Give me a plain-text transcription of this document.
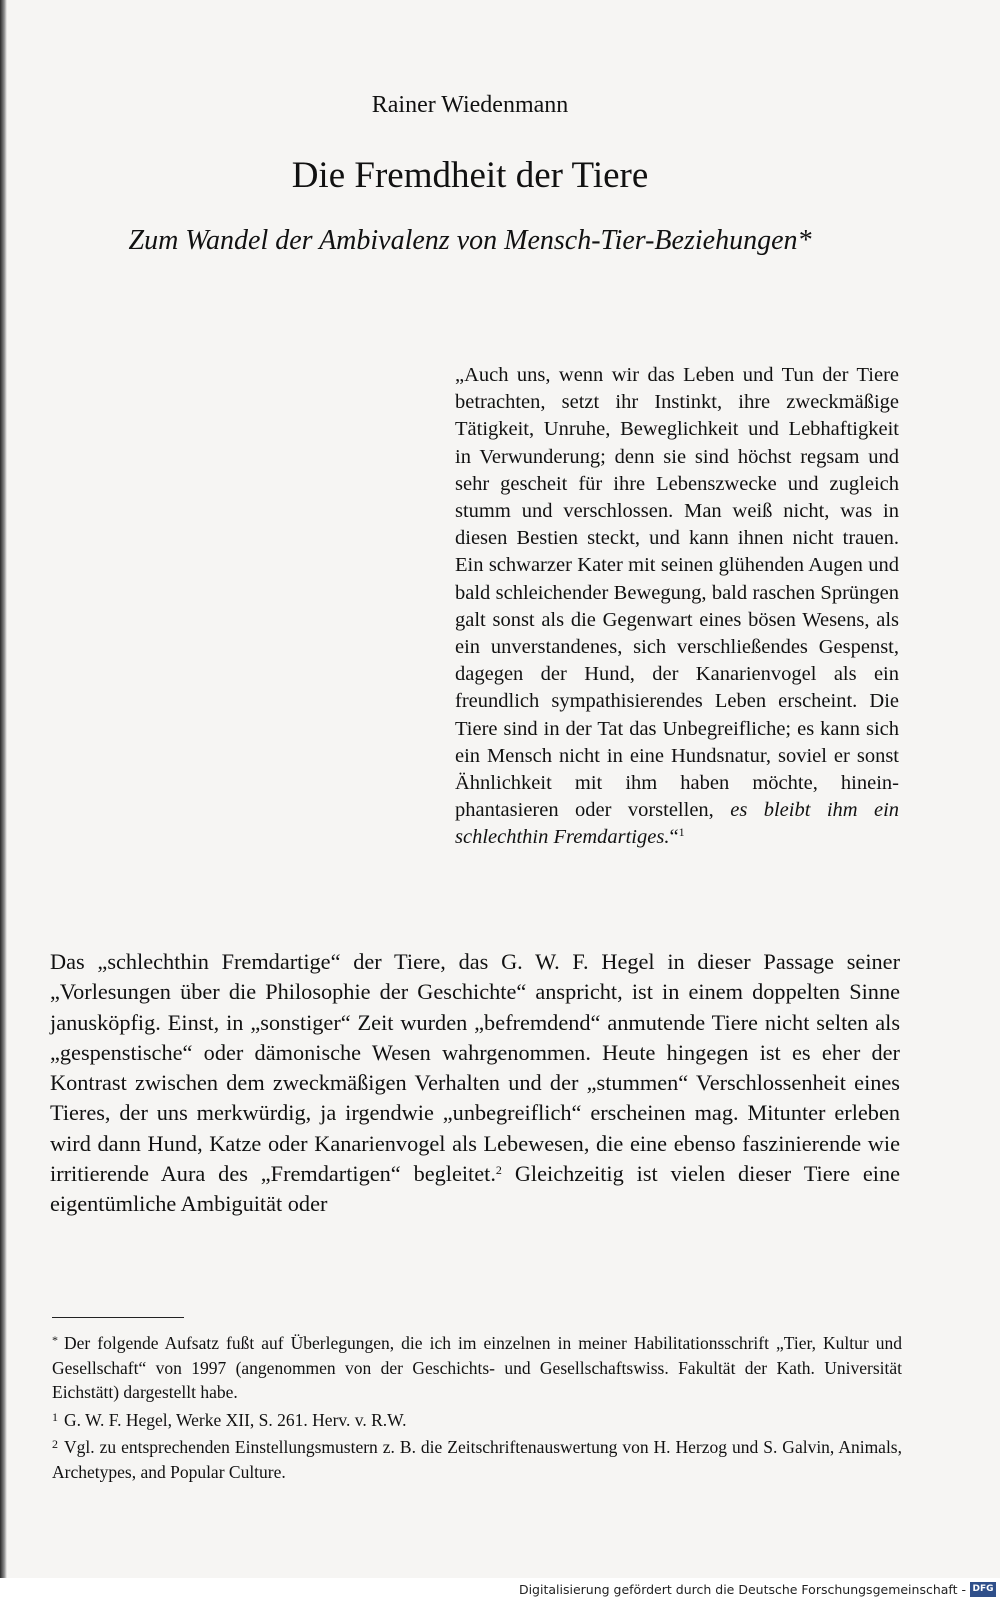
Rainer Wiedenmann
Die Fremdheit der Tiere
Zum Wandel der Ambivalenz von Mensch-Tier-Beziehungen*
„Auch uns, wenn wir das Leben und Tun der Tiere betrachten, setzt ihr Instinkt, ihre zweckmäßige Tätigkeit, Unruhe, Beweglichkeit und Lebhaftigkeit in Verwunderung; denn sie sind höchst regsam und sehr gescheit für ihre Lebenszwecke und zugleich stumm und verschlossen. Man weiß nicht, was in diesen Bestien steckt, und kann ihnen nicht trauen. Ein schwarzer Kater mit seinen glühenden Augen und bald schleichender Bewegung, bald raschen Sprüngen galt sonst als die Gegenwart eines bösen Wesens, als ein unverstandenes, sich verschließendes Gespenst, dagegen der Hund, der Kanarienvogel als ein freundlich sympathisierendes Leben erscheint. Die Tiere sind in der Tat das Unbegreifliche; es kann sich ein Mensch nicht in eine Hundsnatur, soviel er sonst Ähnlichkeit mit ihm haben möchte, hineinphantasieren oder vorstellen, es bleibt ihm ein schlechthin Fremdartiges.“$^1$
Das „schlechthin Fremdartige“ der Tiere, das G. W. F. Hegel in dieser Passage seiner „Vorlesungen über die Philosophie der Geschichte“ anspricht, ist in einem doppelten Sinne janusköpfig. Einst, in „sonstiger“ Zeit wurden „befremdend“ anmutende Tiere nicht selten als „gespenstische“ oder dämonische Wesen wahrgenommen. Heute hingegen ist es eher der Kontrast zwischen dem zweckmäßigen Verhalten und der „stummen“ Verschlossenheit eines Tieres, der uns merkwürdig, ja irgendwie „unbegreiflich“ erscheinen mag. Mitunter erleben wird dann Hund, Katze oder Kanarienvogel als Lebewesen, die eine ebenso faszinierende wie irritierende Aura des „Fremdartigen“ begleitet.$^2$ Gleichzeitig ist vielen dieser Tiere eine eigentümliche Ambiguität oder

* Der folgende Aufsatz fußt auf Überlegungen, die ich im einzelnen in meiner Habilitationsschrift „Tier, Kultur und Gesellschaft“ von 1997 (angenommen von der Geschichts- und Gesellschaftswiss. Fakultät der Kath. Universität Eichstätt) dargestellt habe.

$^1$ G. W. F. Hegel, Werke XII, S. 261. Herv. v. R.W.

$^2$ Vgl. zu entsprechenden Einstellungsmustern z. B. die Zeitschriftenauswertung von H. Herzog und S. Galvin, Animals, Archetypes, and Popular Culture.

Digitalisierung gefördert durch die Deutsche Forschungsgemeinschaft - DFG
